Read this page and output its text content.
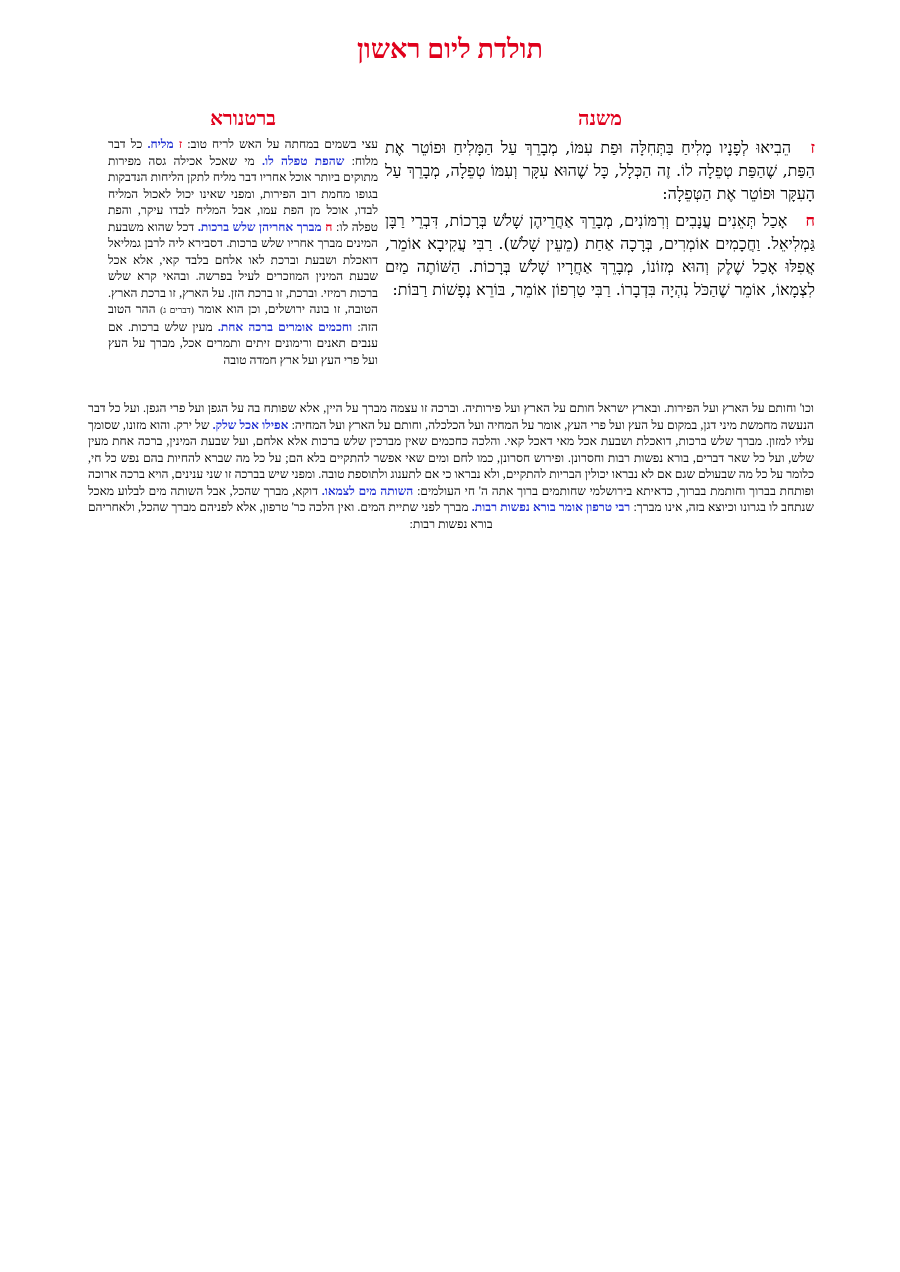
תולדת ליום ראשון
משנה
ברטנורא

ז הֵבִיאוּ לְפָנָיו מָלִיחַ בַּתְּחִלָּה וּפַת עִמּוֹ, מְבָרֵךְ עַל הַמָּלִיחַ וּפוֹטֵר אֶת הַפַּת, שֶׁהַפַּת טְפֵלָה לוֹ. זֶה הַכְּלָל, כָּל שֶׁהוּא עִקָּר וְעִמּוֹ טְפֵלָה, מְבָרֵךְ עַל הָעִקָּר וּפוֹטֵר אֶת הַטְּפֵלָה:

ח אָכַל תְּאֵנִים עֲנָבִים וְרִמּוֹנִים, מְבָרֵךְ אַחֲרֵיהֶן שָׁלֹשׁ בְּרָכוֹת, דִּבְרֵי רַבָּן גַּמְלִיאֵל. וַחֲכָמִים אוֹמְרִים, בְּרָכָה אַחַת (מֵעֵין שָׁלֹשׁ). רַבִּי עֲקִיבָא אוֹמֵר, אֲפִלּוּ אָכַל שֶׁלֶק וְהוּא מְזוֹנוֹ, מְבָרֵךְ אַחֲרָיו שָׁלֹשׁ בְּרָכוֹת. הַשּׁוֹתֶה מַיִם לִצְמָאוֹ, אוֹמֵר שֶׁהַכֹּל נִהְיָה בִּדְבָרוֹ. רַבִּי טַרְפוֹן אוֹמֵר, בּוֹרֵא נְפָשׁוֹת רַבּוֹת:

עצי בשמים במחתה על האש לריח טוב: ז מליח. כל דבר מלוח: שהפת טפלה לו. מי שאכל אכילה גסה מפירות מתוקים ביותר אוכל אחריו דבר מליח לתקן הליחות הנדבקות בגופו מחמת רוב הפירות, ומפני שאינו יכול לאכול המליח לבדו, אוכל מן הפת עמו, אבל המליח לבדו עיקר, והפת טפלה לו: ח מברך אחריהן שלש ברכות. דכל שהוא משבעת המינים מברך אחריו שלש ברכות. דסבירא ליה לרבן גמליאל דואכלת ושבעת וברכת לאו אלחם בלבד קאי, אלא אכל שבעת המינין המוזכרים לעיל בפרשה. ובהאי קרא שלש ברכות רמיזי. וברכת, זו ברכת הזן. על הארץ, זו ברכת הארץ. הטובה, זו בונה ירושלים, וכן הוא אומר (דברים ג) ההר הטוב הזה: וחכמים אומרים ברכה אחת. מעין שלש ברכות. אם ענבים תאנים ורימונים זיתים ותמרים אכל, מברך על העץ ועל פרי העץ ועל ארץ חמדה טובה

וכו' וחותם על הארץ ועל הפירות. ובארץ ישראל חותם על הארץ ועל פירותיה. וברכה זו עצמה מברך על היין, אלא שפותח בה על הגפן ועל פרי הגפן. ועל כל דבר הנעשה מחמשת מיני דגן, במקום על העץ ועל פרי העץ, אומר על המחיה ועל הכלכלה, וחותם על הארץ ועל המחיה: אפילו אכל שלק. של ירק. והוא מזונו, שסומך עליו למזון. מברך שלש ברכות, דואכלת ושבעת אכל מאי דאכל קאי. והלכה כחכמים שאין מברכין שלש ברכות אלא אלחם, ועל שבעת המינין, ברכה אחת מעין שלש, ועל כל שאר דברים, בורא נפשות רבות וחסרונן. ופירוש חסרונן, כמו לחם ומים שאי אפשר להתקיים בלא הם; על כל מה שברא להחיות בהם נפש כל חי, כלומר על כל מה שבעולם שגם אם לא נבראו יכולין הבריות להתקיים, ולא נבראו כי אם לתענוג ולתוספת טובה. ומפני שיש בברכה זו שני ענינים, הויא ברכה ארוכה ופותחת בברוך וחותמת בברוך, כדאיתא בירושלמי שחותמים ברוך אתה ה' חי העולמים: השותה מים לצמאו. דוקא, מברך שהכל, אבל השותה מים לבלוע מאכל שנתחב לו בגרונו וכיוצא בזה, אינו מברך: רבי טרפון אומר בורא נפשות רבות. מברך לפני שתיית המים. ואין הלכה כר' טרפון, אלא לפניהם מברך שהכל, ולאחריהם בורא נפשות רבות:
